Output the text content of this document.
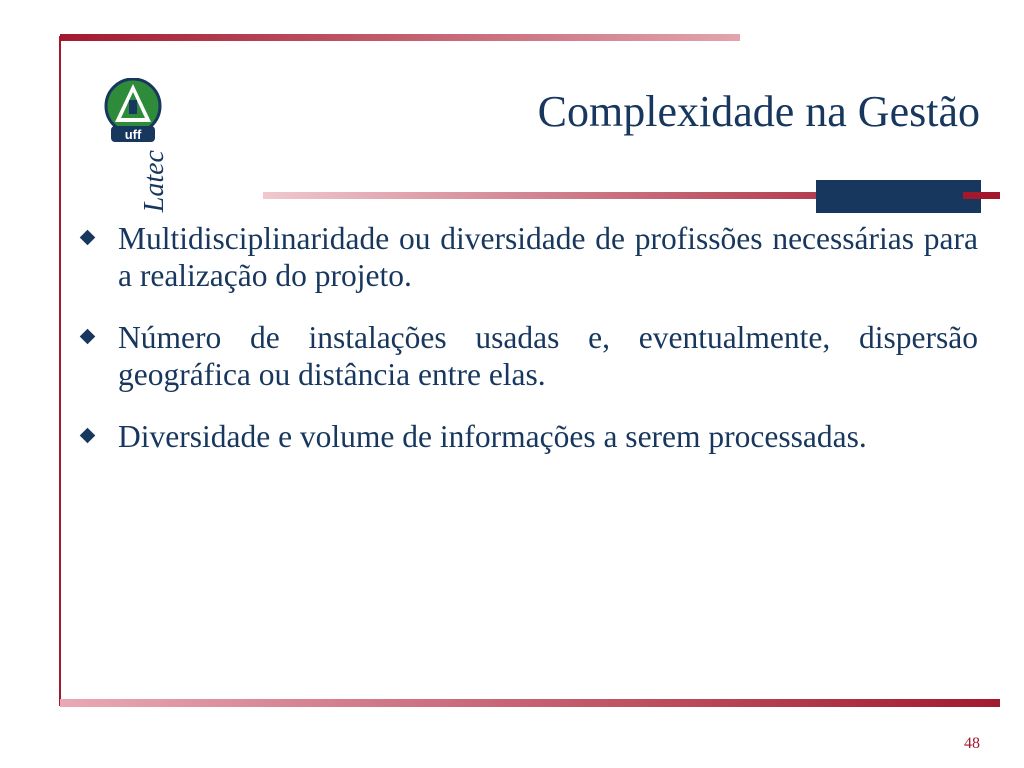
Latec
uff	Complexidade na Gestão
Multidisciplinaridade ou diversidade de profissões necessárias para a realização do projeto.
Número de instalações usadas e, eventualmente, dispersão geográfica ou distância entre elas.
Diversidade e volume de informações a serem processadas.
48
